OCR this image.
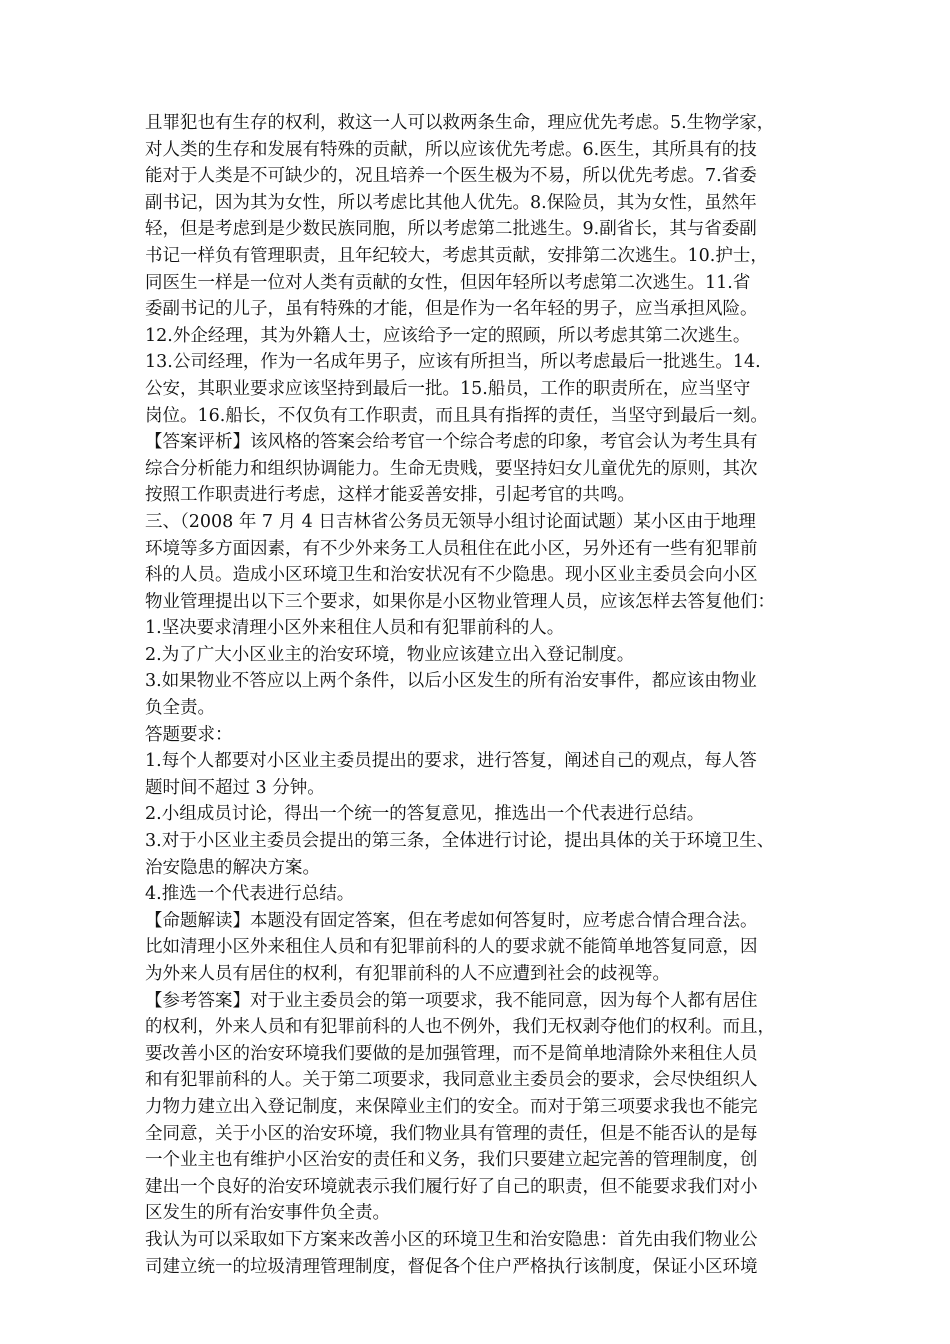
且罪犯也有生存的权利，救这一人可以救两条生命，理应优先考虑。5.生物学家，
对人类的生存和发展有特殊的贡献，所以应该优先考虑。6.医生，其所具有的技
能对于人类是不可缺少的，况且培养一个医生极为不易，所以优先考虑。7.省委
副书记，因为其为女性，所以考虑比其他人优先。8.保险员，其为女性，虽然年
轻，但是考虑到是少数民族同胞，所以考虑第二批逃生。9.副省长，其与省委副
书记一样负有管理职责，且年纪较大，考虑其贡献，安排第二次逃生。10.护士，
同医生一样是一位对人类有贡献的女性，但因年轻所以考虑第二次逃生。11.省
委副书记的儿子，虽有特殊的才能，但是作为一名年轻的男子，应当承担风险。
12.外企经理，其为外籍人士，应该给予一定的照顾，所以考虑其第二次逃生。
13.公司经理，作为一名成年男子，应该有所担当，所以考虑最后一批逃生。14.
公安，其职业要求应该坚持到最后一批。15.船员，工作的职责所在，应当坚守
岗位。16.船长，不仅负有工作职责，而且具有指挥的责任，当坚守到最后一刻。
【答案评析】该风格的答案会给考官一个综合考虑的印象，考官会认为考生具有
综合分析能力和组织协调能力。生命无贵贱，要坚持妇女儿童优先的原则，其次
按照工作职责进行考虑，这样才能妥善安排，引起考官的共鸣。
三、（2008 年 7 月 4 日吉林省公务员无领导小组讨论面试题）某小区由于地理
环境等多方面因素，有不少外来务工人员租住在此小区，另外还有一些有犯罪前
科的人员。造成小区环境卫生和治安状况有不少隐患。现小区业主委员会向小区
物业管理提出以下三个要求，如果你是小区物业管理人员，应该怎样去答复他们：
1.坚决要求清理小区外来租住人员和有犯罪前科的人。
2.为了广大小区业主的治安环境，物业应该建立出入登记制度。
3.如果物业不答应以上两个条件，以后小区发生的所有治安事件，都应该由物业
负全责。
答题要求：
1.每个人都要对小区业主委员提出的要求，进行答复，阐述自己的观点，每人答
题时间不超过 3 分钟。
2.小组成员讨论，得出一个统一的答复意见，推选出一个代表进行总结。
3.对于小区业主委员会提出的第三条，全体进行讨论，提出具体的关于环境卫生、
治安隐患的解决方案。
4.推选一个代表进行总结。
【命题解读】本题没有固定答案，但在考虑如何答复时，应考虑合情合理合法。
比如清理小区外来租住人员和有犯罪前科的人的要求就不能简单地答复同意，因
为外来人员有居住的权利，有犯罪前科的人不应遭到社会的歧视等。
【参考答案】对于业主委员会的第一项要求，我不能同意，因为每个人都有居住
的权利，外来人员和有犯罪前科的人也不例外，我们无权剥夺他们的权利。而且，
要改善小区的治安环境我们要做的是加强管理，而不是简单地清除外来租住人员
和有犯罪前科的人。关于第二项要求，我同意业主委员会的要求，会尽快组织人
力物力建立出入登记制度，来保障业主们的安全。而对于第三项要求我也不能完
全同意，关于小区的治安环境，我们物业具有管理的责任，但是不能否认的是每
一个业主也有维护小区治安的责任和义务，我们只要建立起完善的管理制度，创
建出一个良好的治安环境就表示我们履行好了自己的职责，但不能要求我们对小
区发生的所有治安事件负全责。
我认为可以采取如下方案来改善小区的环境卫生和治安隐患：首先由我们物业公
司建立统一的垃圾清理管理制度，督促各个住户严格执行该制度，保证小区环境
